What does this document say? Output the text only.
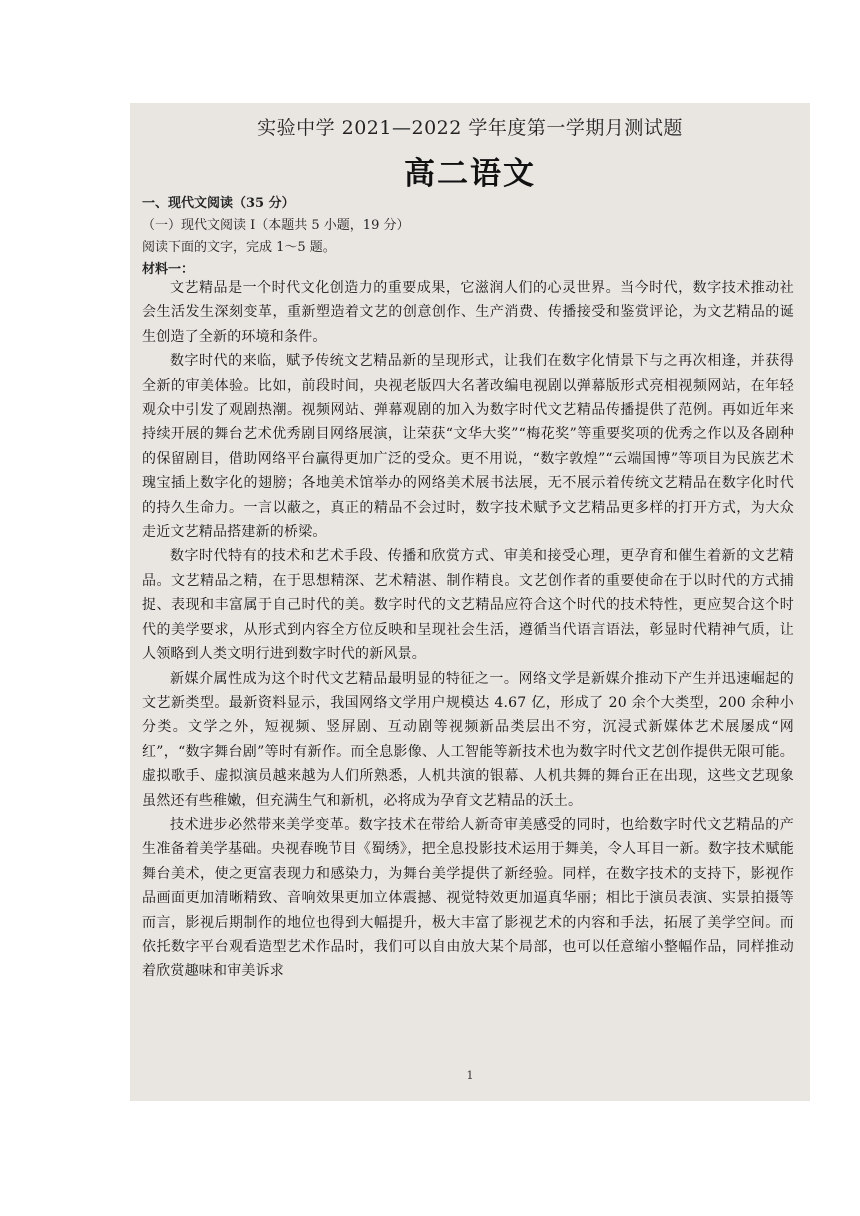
实验中学 2021—2022 学年度第一学期月测试题
高二语文
一、现代文阅读（35 分）
（一）现代文阅读 I（本题共 5 小题，19 分）
阅读下面的文字，完成 1～5 题。
材料一：

文艺精品是一个时代文化创造力的重要成果，它滋润人们的心灵世界。当今时代，数字技术推动社会生活发生深刻变革，重新塑造着文艺的创意创作、生产消费、传播接受和鉴赏评论，为文艺精品的诞生创造了全新的环境和条件。

数字时代的来临，赋予传统文艺精品新的呈现形式，让我们在数字化情景下与之再次相逢，并获得全新的审美体验。比如，前段时间，央视老版四大名著改编电视剧以弹幕版形式亮相视频网站，在年轻观众中引发了观剧热潮。视频网站、弹幕观剧的加入为数字时代文艺精品传播提供了范例。再如近年来持续开展的舞台艺术优秀剧目网络展演，让荣获“文华大奖”“梅花奖”等重要奖项的优秀之作以及各剧种的保留剧目，借助网络平台赢得更加广泛的受众。更不用说，“数字敦煌”“云端国博”等项目为民族艺术瑰宝插上数字化的翅膀；各地美术馆举办的网络美术展书法展，无不展示着传统文艺精品在数字化时代的持久生命力。一言以蔽之，真正的精品不会过时，数字技术赋予文艺精品更多样的打开方式，为大众走近文艺精品搭建新的桥梁。

数字时代特有的技术和艺术手段、传播和欣赏方式、审美和接受心理，更孕育和催生着新的文艺精品。文艺精品之精，在于思想精深、艺术精湛、制作精良。文艺创作者的重要使命在于以时代的方式捕捉、表现和丰富属于自己时代的美。数字时代的文艺精品应符合这个时代的技术特性，更应契合这个时代的美学要求，从形式到内容全方位反映和呈现社会生活，遵循当代语言语法，彰显时代精神气质，让人领略到人类文明行进到数字时代的新风景。

新媒介属性成为这个时代文艺精品最明显的特征之一。网络文学是新媒介推动下产生并迅速崛起的文艺新类型。最新资料显示，我国网络文学用户规模达 4.67 亿，形成了 20 余个大类型，200 余种小分类。文学之外，短视频、竖屏剧、互动剧等视频新品类层出不穷，沉浸式新媒体艺术展屡成“网红”，“数字舞台剧”等时有新作。而全息影像、人工智能等新技术也为数字时代文艺创作提供无限可能。虚拟歌手、虚拟演员越来越为人们所熟悉，人机共演的银幕、人机共舞的舞台正在出现，这些文艺现象虽然还有些稚嫩，但充满生气和新机，必将成为孕育文艺精品的沃土。

技术进步必然带来美学变革。数字技术在带给人新奇审美感受的同时，也给数字时代文艺精品的产生准备着美学基础。央视春晚节目《蜀绣》，把全息投影技术运用于舞美，令人耳目一新。数字技术赋能舞台美术，使之更富表现力和感染力，为舞台美学提供了新经验。同样，在数字技术的支持下，影视作品画面更加清晰精致、音响效果更加立体震撼、视觉特效更加逼真华丽；相比于演员表演、实景拍摄等而言，影视后期制作的地位也得到大幅提升，极大丰富了影视艺术的内容和手法，拓展了美学空间。而依托数字平台观看造型艺术作品时，我们可以自由放大某个局部，也可以任意缩小整幅作品，同样推动着欣赏趣味和审美诉求

1
